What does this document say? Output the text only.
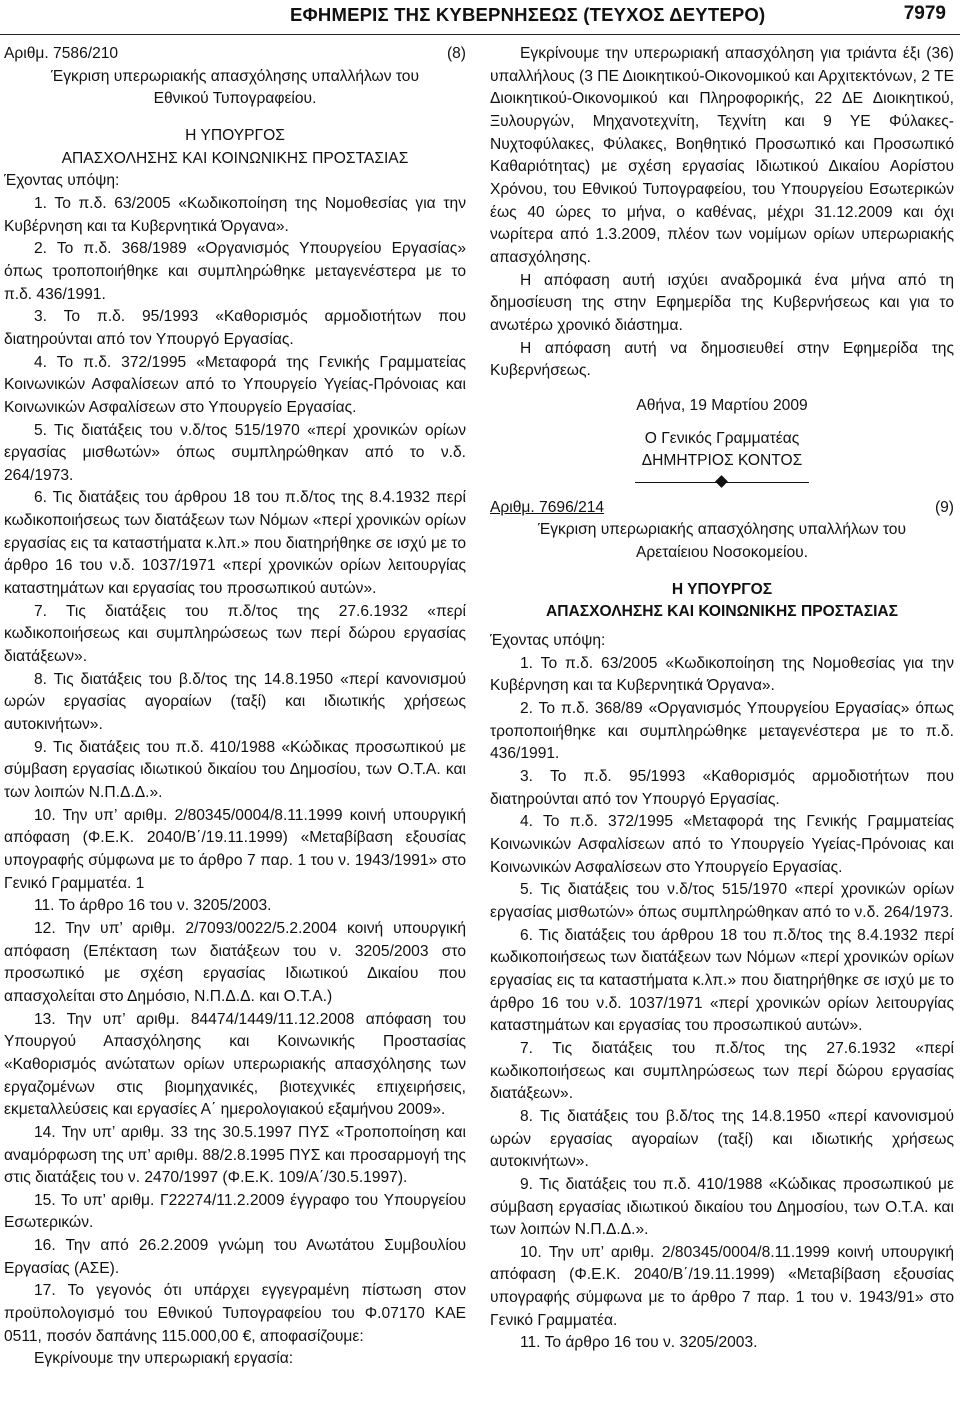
ΕΦΗΜΕΡΙΣ ΤΗΣ ΚΥΒΕΡΝΗΣΕΩΣ (ΤΕΥΧΟΣ ΔΕΥΤΕΡΟ)	7979
Αριθμ. 7586/210	(8)

Έγκριση υπερωριακής απασχόλησης υπαλλήλων του

Εθνικού Τυπογραφείου.

Η ΥΠΟΥΡΓΟΣ

ΑΠΑΣΧΟΛΗΣΗΣ ΚΑΙ ΚΟΙΝΩΝΙΚΗΣ ΠΡΟΣΤΑΣΙΑΣ

Έχοντας υπόψη:

1. Το π.δ. 63/2005 «Κωδικοποίηση της Νομοθεσίας για την Κυβέρνηση και τα Κυβερνητικά Όργανα».

2. Το π.δ. 368/1989 «Οργανισμός Υπουργείου Εργασίας» όπως τροποποιήθηκε και συμπληρώθηκε μεταγενέστερα με το π.δ. 436/1991.

3. Το π.δ. 95/1993 «Καθορισμός αρμοδιοτήτων που διατηρούνται από τον Υπουργό Εργασίας.

4. Το π.δ. 372/1995 «Μεταφορά της Γενικής Γραμματείας Κοινωνικών Ασφαλίσεων από το Υπουργείο Υγείας-Πρόνοιας και Κοινωνικών Ασφαλίσεων στο Υπουργείο Εργασίας.

5. Τις διατάξεις του ν.δ/τος 515/1970 «περί χρονικών ορίων εργασίας μισθωτών» όπως συμπληρώθηκαν από το ν.δ. 264/1973.

6. Τις διατάξεις του άρθρου 18 του π.δ/τος της 8.4.1932 περί κωδικοποιήσεως των διατάξεων των Νόμων «περί χρονικών ορίων εργασίας εις τα καταστήματα κ.λπ.» που διατηρήθηκε σε ισχύ με το άρθρο 16 του ν.δ. 1037/1971 «περί χρονικών ορίων λειτουργίας καταστημάτων και εργασίας του προσωπικού αυτών».

7. Τις διατάξεις του π.δ/τος της 27.6.1932 «περί κωδικοποιήσεως και συμπληρώσεως των περί δώρου εργασίας διατάξεων».

8. Τις διατάξεις του β.δ/τος της 14.8.1950 «περί κανονισμού ωρών εργασίας αγοραίων (ταξί) και ιδιωτικής χρήσεως αυτοκινήτων».

9. Τις διατάξεις του π.δ. 410/1988 «Κώδικας προσωπικού με σύμβαση εργασίας ιδιωτικού δικαίου του Δημοσίου, των Ο.Τ.Α. και των λοιπών Ν.Π.Δ.Δ.».

10. Την υπ’ αριθμ. 2/80345/0004/8.11.1999 κοινή υπουργική απόφαση (Φ.Ε.Κ. 2040/Β΄/19.11.1999) «Μεταβίβαση εξουσίας υπογραφής σύμφωνα με το άρθρο 7 παρ. 1 του ν. 1943/1991» στο Γενικό Γραμματέα. 1

11. Το άρθρο 16 του ν. 3205/2003.

12. Την υπ’ αριθμ. 2/7093/0022/5.2.2004 κοινή υπουργική απόφαση (Επέκταση των διατάξεων του ν. 3205/2003 στο προσωπικό με σχέση εργασίας Ιδιωτικού Δικαίου που απασχολείται στο Δημόσιο, Ν.Π.Δ.Δ. και Ο.Τ.Α.)

13. Την υπ’ αριθμ. 84474/1449/11.12.2008 απόφαση του Υπουργού Απασχόλησης και Κοινωνικής Προστασίας «Καθορισμός ανώτατων ορίων υπερωριακής απασχόλησης των εργαζομένων στις βιομηχανικές, βιοτεχνικές επιχειρήσεις, εκμεταλλεύσεις και εργασίες Α΄ ημερολογιακού εξαμήνου 2009».

14. Την υπ’ αριθμ. 33 της 30.5.1997 ΠΥΣ «Τροποποίηση και αναμόρφωση της υπ’ αριθμ. 88/2.8.1995 ΠΥΣ και προσαρμογή της στις διατάξεις του ν. 2470/1997 (Φ.Ε.Κ. 109/Α΄/30.5.1997).

15. Το υπ’ αριθμ. Γ22274/11.2.2009 έγγραφο του Υπουργείου Εσωτερικών.

16. Την από 26.2.2009 γνώμη του Ανωτάτου Συμβουλίου Εργασίας (ΑΣΕ).

17. Το γεγονός ότι υπάρχει εγγεγραμένη πίστωση στον προϋπολογισμό του Εθνικού Τυπογραφείου του Φ.07170 ΚΑΕ 0511, ποσόν δαπάνης 115.000,00 €, αποφασίζουμε:

Εγκρίνουμε την υπερωριακή εργασία:

Εγκρίνουμε την υπερωριακή απασχόληση για τριάντα έξι (36) υπαλλήλους (3 ΠΕ Διοικητικού-Οικονομικού και Αρχιτεκτόνων, 2 ΤΕ Διοικητικού-Οικονομικού και Πληροφορικής, 22 ΔΕ Διοικητικού, Ξυλουργών, Μηχανοτεχνίτη, Τεχνίτη και 9 ΥΕ Φύλακες-Νυχτοφύλακες, Φύλακες, Βοηθητικό Προσωπικό και Προσωπικό Καθαριότητας) με σχέση εργασίας Ιδιωτικού Δικαίου Αορίστου Χρόνου, του Εθνικού Τυπογραφείου, του Υπουργείου Εσωτερικών έως 40 ώρες το μήνα, ο καθένας, μέχρι 31.12.2009 και όχι νωρίτερα από 1.3.2009, πλέον των νομίμων ορίων υπερωριακής απασχόλησης.

Η απόφαση αυτή ισχύει αναδρομικά ένα μήνα από τη δημοσίευση της στην Εφημερίδα της Κυβερνήσεως και για το ανωτέρω χρονικό διάστημα.

Η απόφαση αυτή να δημοσιευθεί στην Εφημερίδα της Κυβερνήσεως.

Αθήνα, 19 Μαρτίου 2009

Ο Γενικός Γραμματέας

ΔΗΜΗΤΡΙΟΣ ΚΟΝΤΟΣ

Αριθμ. 7696/214	(9)

Έγκριση υπερωριακής απασχόλησης υπαλλήλων του

Αρεταίειου Νοσοκομείου.

Η ΥΠΟΥΡΓΟΣ

ΑΠΑΣΧΟΛΗΣΗΣ ΚΑΙ ΚΟΙΝΩΝΙΚΗΣ ΠΡΟΣΤΑΣΙΑΣ

Έχοντας υπόψη:

1. Το π.δ. 63/2005 «Κωδικοποίηση της Νομοθεσίας για την Κυβέρνηση και τα Κυβερνητικά Όργανα».

2. Το π.δ. 368/89 «Οργανισμός Υπουργείου Εργασίας» όπως τροποποιήθηκε και συμπληρώθηκε μεταγενέστερα με το π.δ. 436/1991.

3. Το π.δ. 95/1993 «Καθορισμός αρμοδιοτήτων που διατηρούνται από τον Υπουργό Εργασίας.

4. Το π.δ. 372/1995 «Μεταφορά της Γενικής Γραμματείας Κοινωνικών Ασφαλίσεων από το Υπουργείο Υγείας-Πρόνοιας και Κοινωνικών Ασφαλίσεων στο Υπουργείο Εργασίας.

5. Τις διατάξεις του ν.δ/τος 515/1970 «περί χρονικών ορίων εργασίας μισθωτών» όπως συμπληρώθηκαν από το ν.δ. 264/1973.

6. Τις διατάξεις του άρθρου 18 του π.δ/τος της 8.4.1932 περί κωδικοποιήσεως των διατάξεων των Νόμων «περί χρονικών ορίων εργασίας εις τα καταστήματα κ.λπ.» που διατηρήθηκε σε ισχύ με το άρθρο 16 του ν.δ. 1037/1971 «περί χρονικών ορίων λειτουργίας καταστημάτων και εργασίας του προσωπικού αυτών».

7. Τις διατάξεις του π.δ/τος της 27.6.1932 «περί κωδικοποιήσεως και συμπληρώσεως των περί δώρου εργασίας διατάξεων».

8. Τις διατάξεις του β.δ/τος της 14.8.1950 «περί κανονισμού ωρών εργασίας αγοραίων (ταξί) και ιδιωτικής χρήσεως αυτοκινήτων».

9. Τις διατάξεις του π.δ. 410/1988 «Κώδικας προσωπικού με σύμβαση εργασίας ιδιωτικού δικαίου του Δημοσίου, των Ο.Τ.Α. και των λοιπών Ν.Π.Δ.Δ.».

10. Την υπ’ αριθμ. 2/80345/0004/8.11.1999 κοινή υπουργική απόφαση (Φ.Ε.Κ. 2040/Β΄/19.11.1999) «Μεταβίβαση εξουσίας υπογραφής σύμφωνα με το άρθρο 7 παρ. 1 του ν. 1943/91» στο Γενικό Γραμματέα.

11. Το άρθρο 16 του ν. 3205/2003.
